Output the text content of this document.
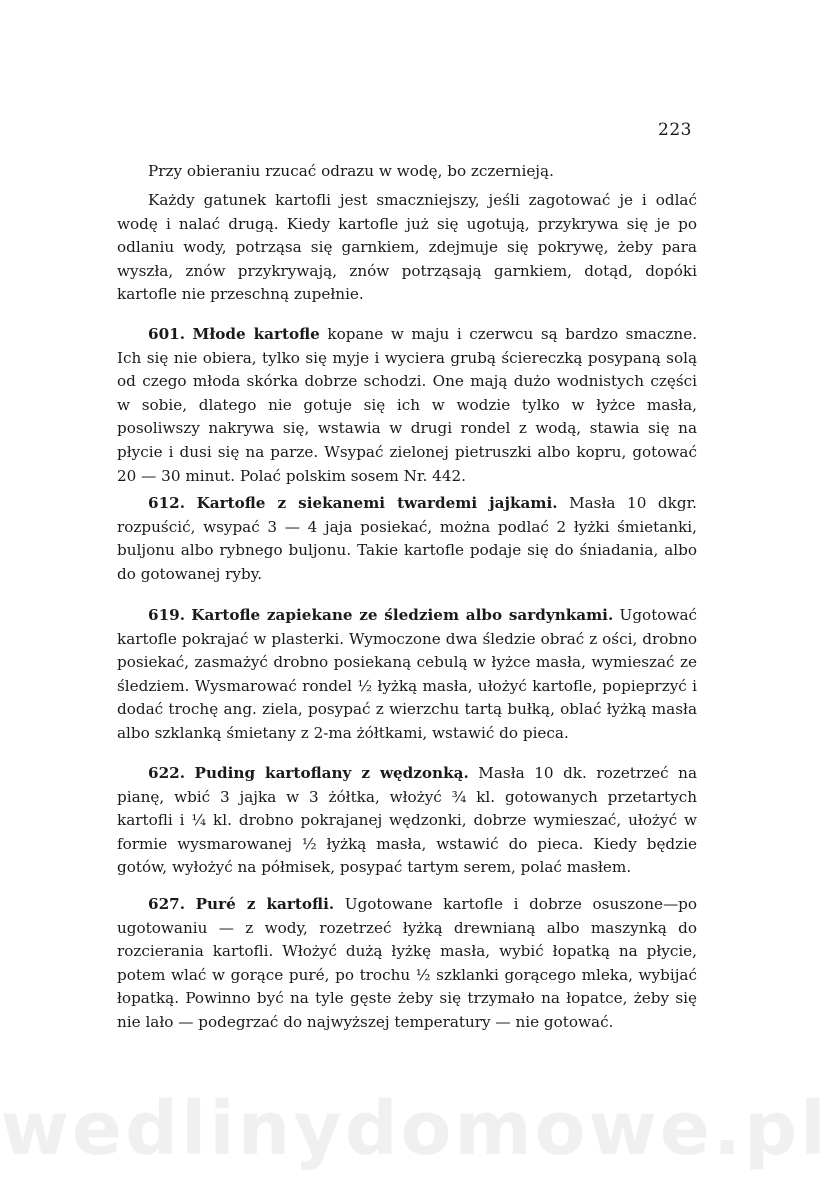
223

Przy obieraniu rzucać odrazu w wodę, bo zczernieją.

Każdy gatunek kartofli jest smaczniejszy, jeśli zagotować je i odlać wodę i nalać drugą. Kiedy kartofle już się ugotują, przykrywa się je po odlaniu wody, potrząsa się garnkiem, zdejmuje się pokrywę, żeby para wyszła, znów przykrywają, znów potrząsają garnkiem, dotąd, dopóki kartofle nie przeschną zupełnie.

601. Młode kartofle kopane w maju i czerwcu są bardzo smaczne. Ich się nie obiera, tylko się myje i wyciera grubą ściereczką posypaną solą od czego młoda skórka dobrze schodzi. One mają dużo wodnistych części w sobie, dlatego nie gotuje się ich w wodzie tylko w łyżce masła, posoliwszy nakrywa się, wstawia w drugi rondel z wodą, stawia się na płycie i dusi się na parze. Wsypać zielonej pietruszki albo kopru, gotować 20 — 30 minut. Polać polskim sosem Nr. 442.

612. Kartofle z siekanemi twardemi jajkami. Masła 10 dkgr. rozpuścić, wsypać 3 — 4 jaja posiekać, można podlać 2 łyżki śmietanki, buljonu albo rybnego buljonu. Takie kartofle podaje się do śniadania, albo do gotowanej ryby.

619. Kartofle zapiekane ze śledziem albo sardynkami. Ugotować kartofle pokrajać w plasterki. Wymoczone dwa śledzie obrać z ości, drobno posiekać, zasmażyć drobno posiekaną cebulą w łyżce masła, wymieszać ze śledziem. Wysmarować rondel ½ łyżką masła, ułożyć kartofle, popieprzyć i dodać trochę ang. ziela, posypać z wierzchu tartą bułką, oblać łyżką masła albo szklanką śmietany z 2-ma żółtkami, wstawić do pieca.

622. Puding kartoflany z wędzonką. Masła 10 dk. rozetrzeć na pianę, wbić 3 jajka w 3 żółtka, włożyć ¾ kl. gotowanych przetartych kartofli i ¼ kl. drobno pokrajanej wędzonki, dobrze wymieszać, ułożyć w formie wysmarowanej ½ łyżką masła, wstawić do pieca. Kiedy będzie gotów, wyłożyć na półmisek, posypać tartym serem, polać masłem.

627. Puré z kartofli. Ugotowane kartofle i dobrze osuszone—po ugotowaniu — z wody, rozetrzeć łyżką drewnianą albo maszynką do rozcierania kartofli. Włożyć dużą łyżkę masła, wybić łopatką na płycie, potem wlać w gorące puré, po trochu ½ szklanki gorącego mleka, wybijać łopatką. Powinno być na tyle gęste żeby się trzymało na łopatce, żeby się nie lało — podegrzać do najwyższej temperatury — nie gotować.

wedlinydomowe.pl
